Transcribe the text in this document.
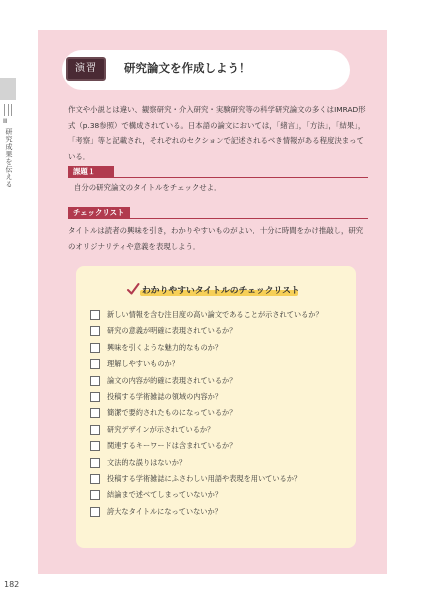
Ⅲ
研究成果を伝える
演習	研究論文を作成しよう！

作文や小説とは違い、観察研究・介入研究・実験研究等の科学研究論文の多くはIMRAD形式（p.38参照）で構成されている。日本語の論文においては，「緒言」，「方法」，「結果」，「考察」等と記載され，それぞれのセクションで記述されるべき情報がある程度決まっている．

課題１

自分の研究論文のタイトルをチェックせよ．

チェックリスト

タイトルは読者の興味を引き，わかりやすいものがよい．十分に時間をかけ推敲し，研究のオリジナリティや意義を表現しよう．

わかりやすいタイトルのチェックリスト
新しい情報を含む注目度の高い論文であることが示されているか？
研究の意義が明確に表現されているか？
興味を引くような魅力的なものか？
理解しやすいものか？
論文の内容が的確に表現されているか？
投稿する学術雑誌の領域の内容か？
簡潔で要約されたものになっているか？
研究デザインが示されているか？
関連するキーワードは含まれているか？
文法的な誤りはないか？
投稿する学術雑誌にふさわしい用語や表現を用いているか？
結論まで述べてしまっていないか？
誇大なタイトルになっていないか？
182
